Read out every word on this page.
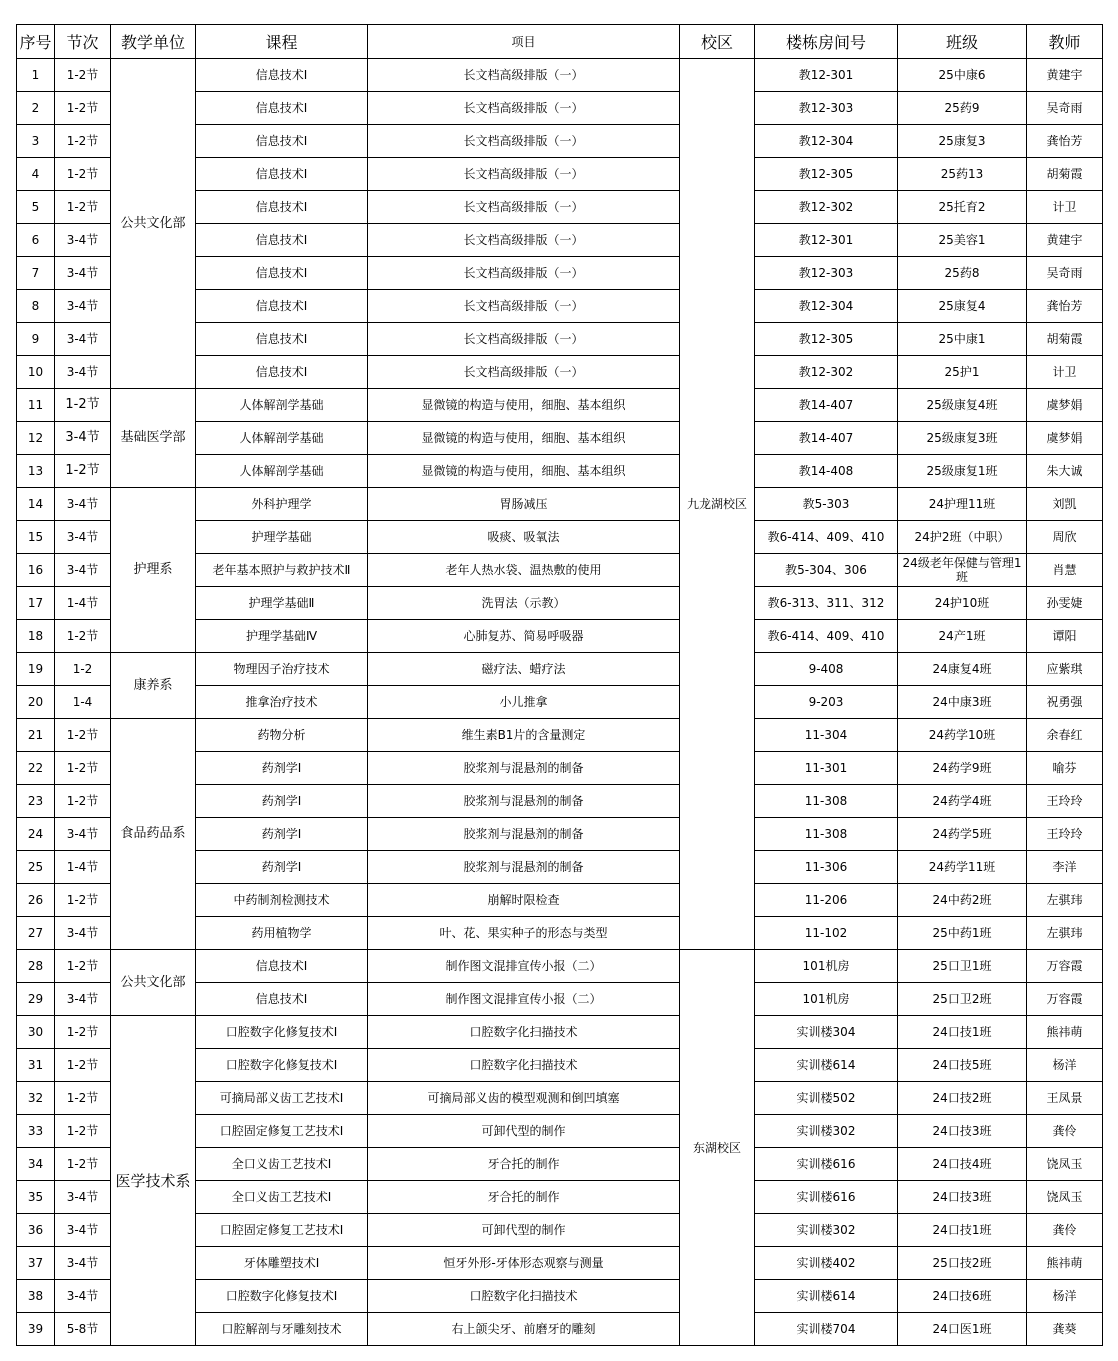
序号	节次	教学单位	课程	项目	校区	楼栋房间号	班级	教师
1	1-2节	公共文化部	信息技术Ⅰ	长文档高级排版（一）	九龙湖校区	教12-301	25中康6	黄建宇
2	1-2节		信息技术Ⅰ	长文档高级排版（一）		教12-303	25药9	吴奇雨
3	1-2节		信息技术Ⅰ	长文档高级排版（一）		教12-304	25康复3	龚怡芳
4	1-2节		信息技术Ⅰ	长文档高级排版（一）		教12-305	25药13	胡菊霞
5	1-2节		信息技术Ⅰ	长文档高级排版（一）		教12-302	25托育2	计卫
6	3-4节		信息技术Ⅰ	长文档高级排版（一）		教12-301	25美容1	黄建宇
7	3-4节		信息技术Ⅰ	长文档高级排版（一）		教12-303	25药8	吴奇雨
8	3-4节		信息技术Ⅰ	长文档高级排版（一）		教12-304	25康复4	龚怡芳
9	3-4节		信息技术Ⅰ	长文档高级排版（一）		教12-305	25中康1	胡菊霞
10	3-4节		信息技术Ⅰ	长文档高级排版（一）		教12-302	25护1	计卫
11	1-2节	基础医学部	人体解剖学基础	显微镜的构造与使用，细胞、基本组织		教14-407	25级康复4班	虞梦娟
12	3-4节		人体解剖学基础	显微镜的构造与使用，细胞、基本组织		教14-407	25级康复3班	虞梦娟
13	1-2节		人体解剖学基础	显微镜的构造与使用，细胞、基本组织		教14-408	25级康复1班	朱大诚
14	3-4节	护理系	外科护理学	胃肠减压		教5-303	24护理11班	刘凯
15	3-4节		护理学基础	吸痰、吸氧法		教6-414、409、410	24护2班（中职）	周欣
16	3-4节		老年基本照护与救护技术Ⅱ	老年人热水袋、温热敷的使用		教5-304、306	24级老年保健与管理1班	肖慧
17	1-4节		护理学基础Ⅱ	洗胃法（示教）		教6-313、311、312	24护10班	孙雯婕
18	1-2节		护理学基础Ⅳ	心肺复苏、简易呼吸器		教6-414、409、410	24产1班	谭阳
19	1-2	康养系	物理因子治疗技术	磁疗法、蜡疗法		9-408	24康复4班	应紫琪
20	1-4		推拿治疗技术	小儿推拿		9-203	24中康3班	祝勇强
21	1-2节	食品药品系	药物分析	维生素B1片的含量测定		11-304	24药学10班	余春红
22	1-2节		药剂学I	胶浆剂与混悬剂的制备		11-301	24药学9班	喻芬
23	1-2节		药剂学I	胶浆剂与混悬剂的制备		11-308	24药学4班	王玲玲
24	3-4节		药剂学I	胶浆剂与混悬剂的制备		11-308	24药学5班	王玲玲
25	1-4节		药剂学I	胶浆剂与混悬剂的制备		11-306	24药学11班	李洋
26	1-2节		中药制剂检测技术	崩解时限检查		11-206	24中药2班	左骐玮
27	3-4节		药用植物学	叶、花、果实种子的形态与类型		11-102	25中药1班	左骐玮
28	1-2节	公共文化部	信息技术I	制作图文混排宣传小报（二）	东湖校区	101机房	25口卫1班	万容霞
29	3-4节		信息技术I	制作图文混排宣传小报（二）		101机房	25口卫2班	万容霞
30	1-2节	医学技术系	口腔数字化修复技术I	口腔数字化扫描技术		实训楼304	24口技1班	熊祎萌
31	1-2节		口腔数字化修复技术I	口腔数字化扫描技术		实训楼614	24口技5班	杨洋
32	1-2节		可摘局部义齿工艺技术I	可摘局部义齿的模型观测和倒凹填塞		实训楼502	24口技2班	王凤景
33	1-2节		口腔固定修复工艺技术I	可卸代型的制作		实训楼302	24口技3班	龚伶
34	1-2节		全口义齿工艺技术I	牙合托的制作		实训楼616	24口技4班	饶凤玉
35	3-4节		全口义齿工艺技术I	牙合托的制作		实训楼616	24口技3班	饶凤玉
36	3-4节		口腔固定修复工艺技术I	可卸代型的制作		实训楼302	24口技1班	龚伶
37	3-4节		牙体雕塑技术I	恒牙外形-牙体形态观察与测量		实训楼402	25口技2班	熊祎萌
38	3-4节		口腔数字化修复技术I	口腔数字化扫描技术		实训楼614	24口技6班	杨洋
39	5-8节		口腔解剖与牙雕刻技术	右上颌尖牙、前磨牙的雕刻		实训楼704	24口医1班	龚葵
